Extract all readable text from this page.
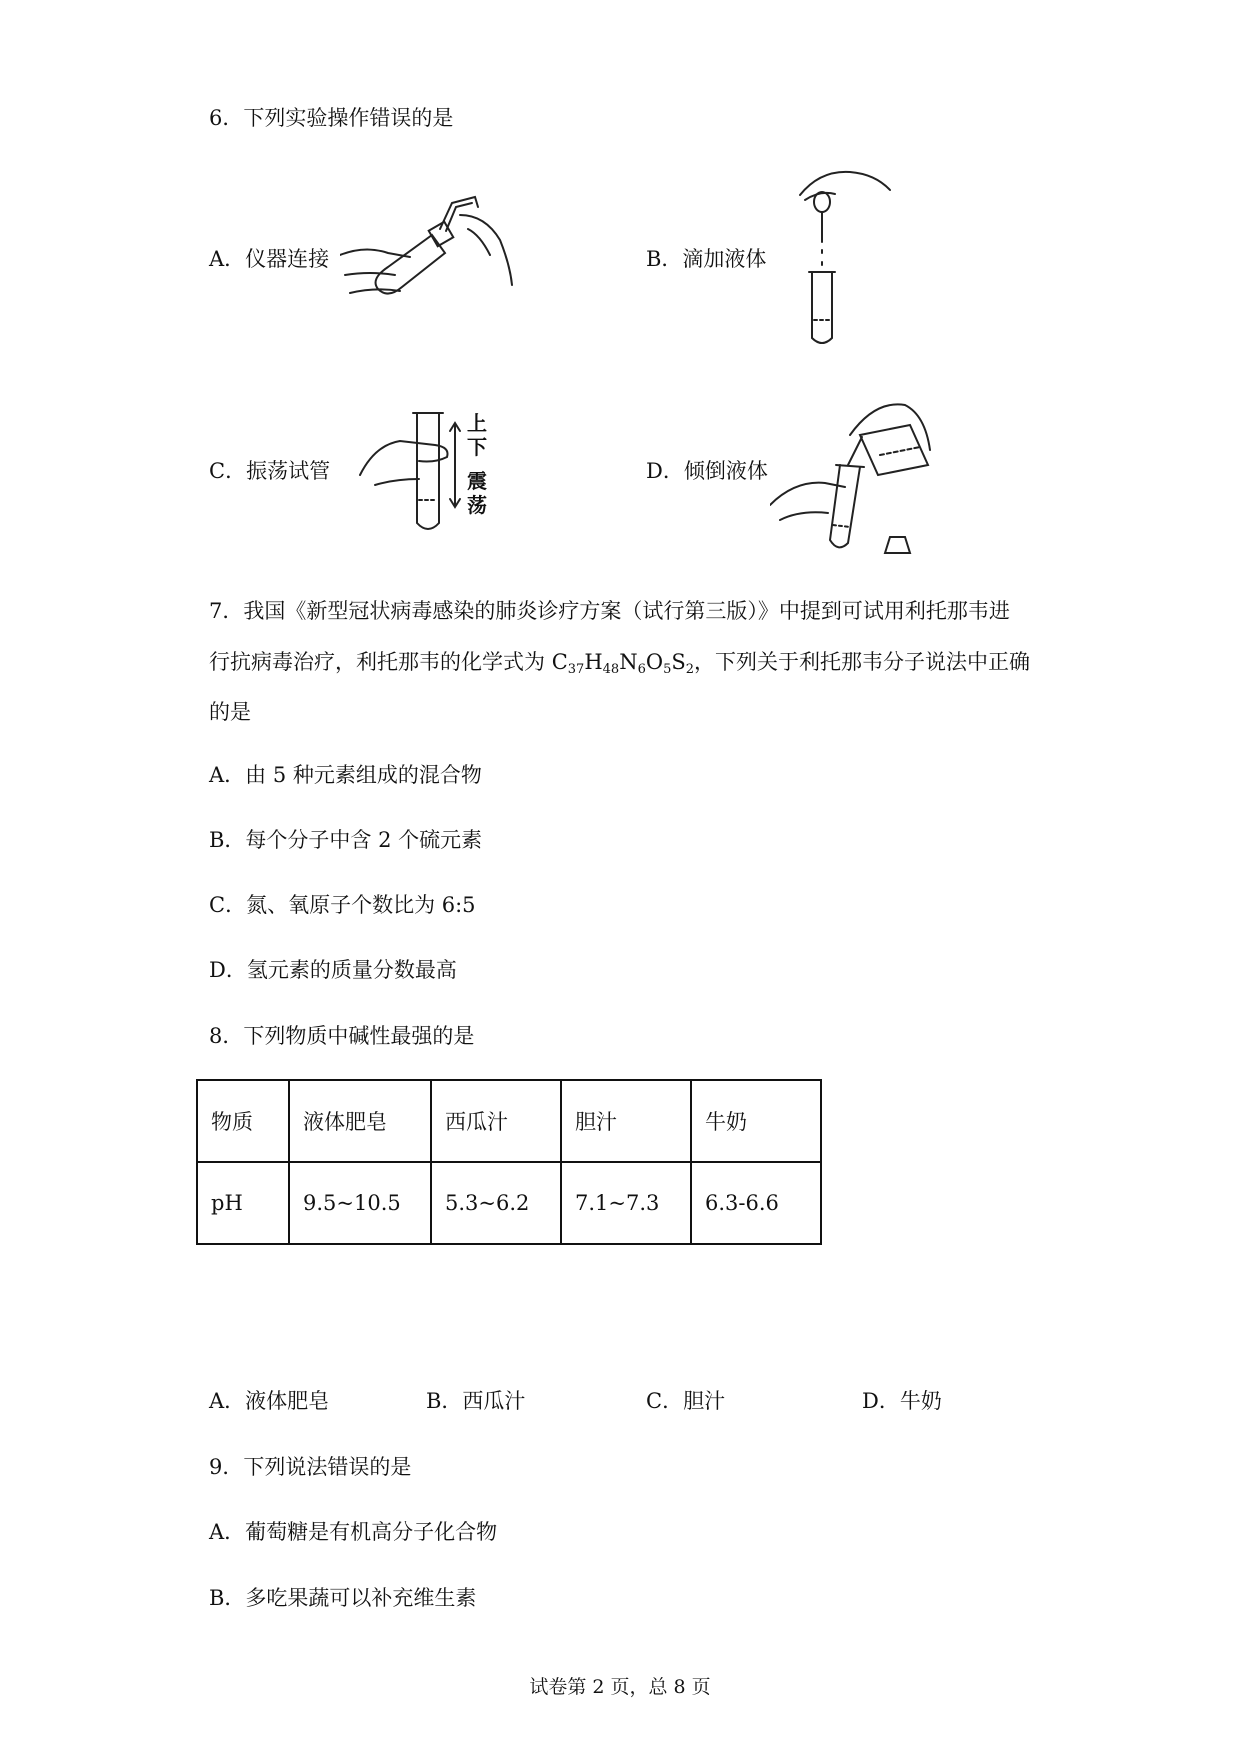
6．下列实验操作错误的是
A．仪器连接	B．滴加液体
C．振荡试管
上
下
震
荡
D．倾倒液体
7．我国《新型冠状病毒感染的肺炎诊疗方案（试行第三版）》中提到可试用利托那韦进
行抗病毒治疗，利托那韦的化学式为 $C_{37}H_{48}N_6O_5S_2$，下列关于利托那韦分子说法中正确
的是
A．由 5 种元素组成的混合物
B．每个分子中含 2 个硫元素
C．氮、氧原子个数比为 6:5
D．氢元素的质量分数最高
8．下列物质中碱性最强的是
物质	液体肥皂	西瓜汁	胆汁	牛奶
pH	9.5~10.5	5.3~6.2	7.1~7.3	6.3-6.6
A．液体肥皂	B．西瓜汁	C．胆汁	D．牛奶
9．下列说法错误的是
A．葡萄糖是有机高分子化合物
B．多吃果蔬可以补充维生素
试卷第 2 页，总 8 页
